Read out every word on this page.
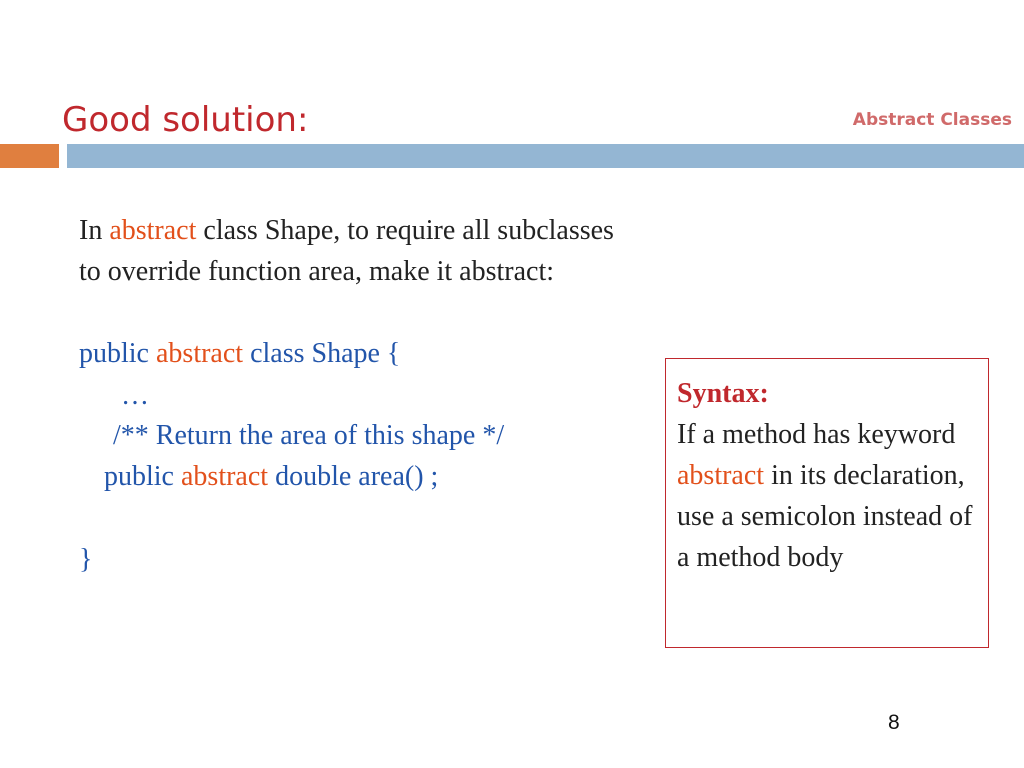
Good solution:	Abstract Classes
In abstract class Shape, to require all subclasses
to override function area, make it abstract:
public abstract class Shape {
…
/** Return the area of this shape */
public abstract double area() ;
}
Syntax:
If a method has keyword abstract in its declaration, use a semicolon instead of a method body
8
